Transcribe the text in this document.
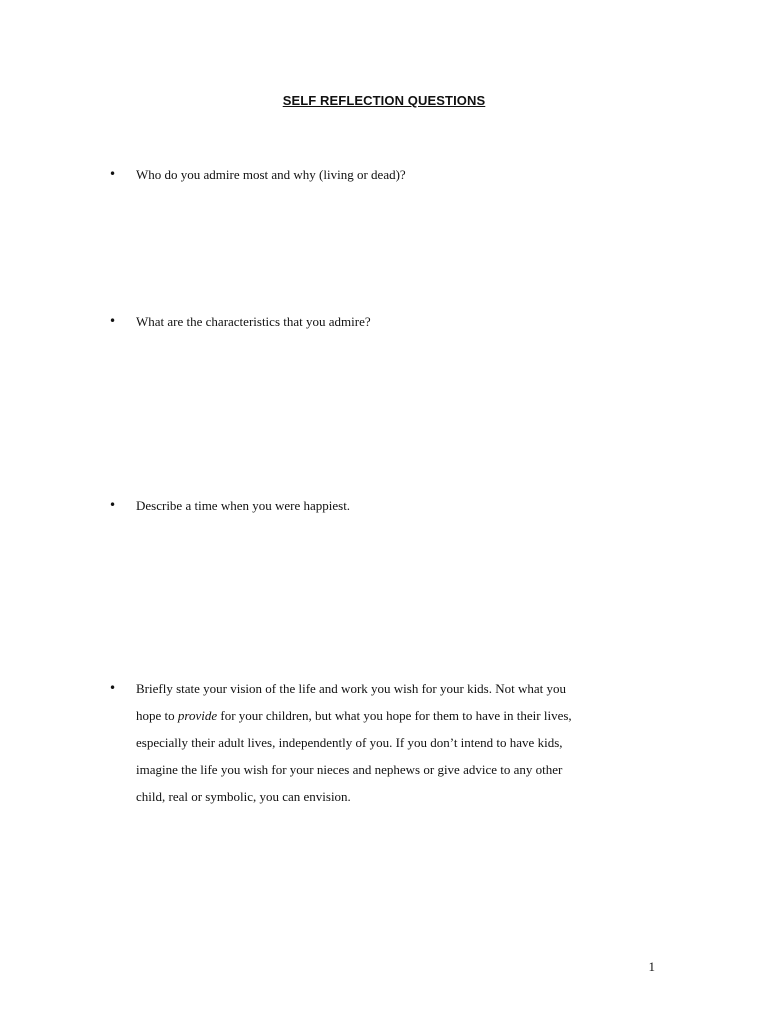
SELF REFLECTION QUESTIONS
•	Who do you admire most and why (living or dead)?
•	What are the characteristics that you admire?
•	Describe a time when you were happiest.
•	Briefly state your vision of the life and work you wish for your kids. Not what you
hope to provide for your children, but what you hope for them to have in their lives,
especially their adult lives, independently of you. If you don’t intend to have kids,
imagine the life you wish for your nieces and nephews or give advice to any other
child, real or symbolic, you can envision.
1
